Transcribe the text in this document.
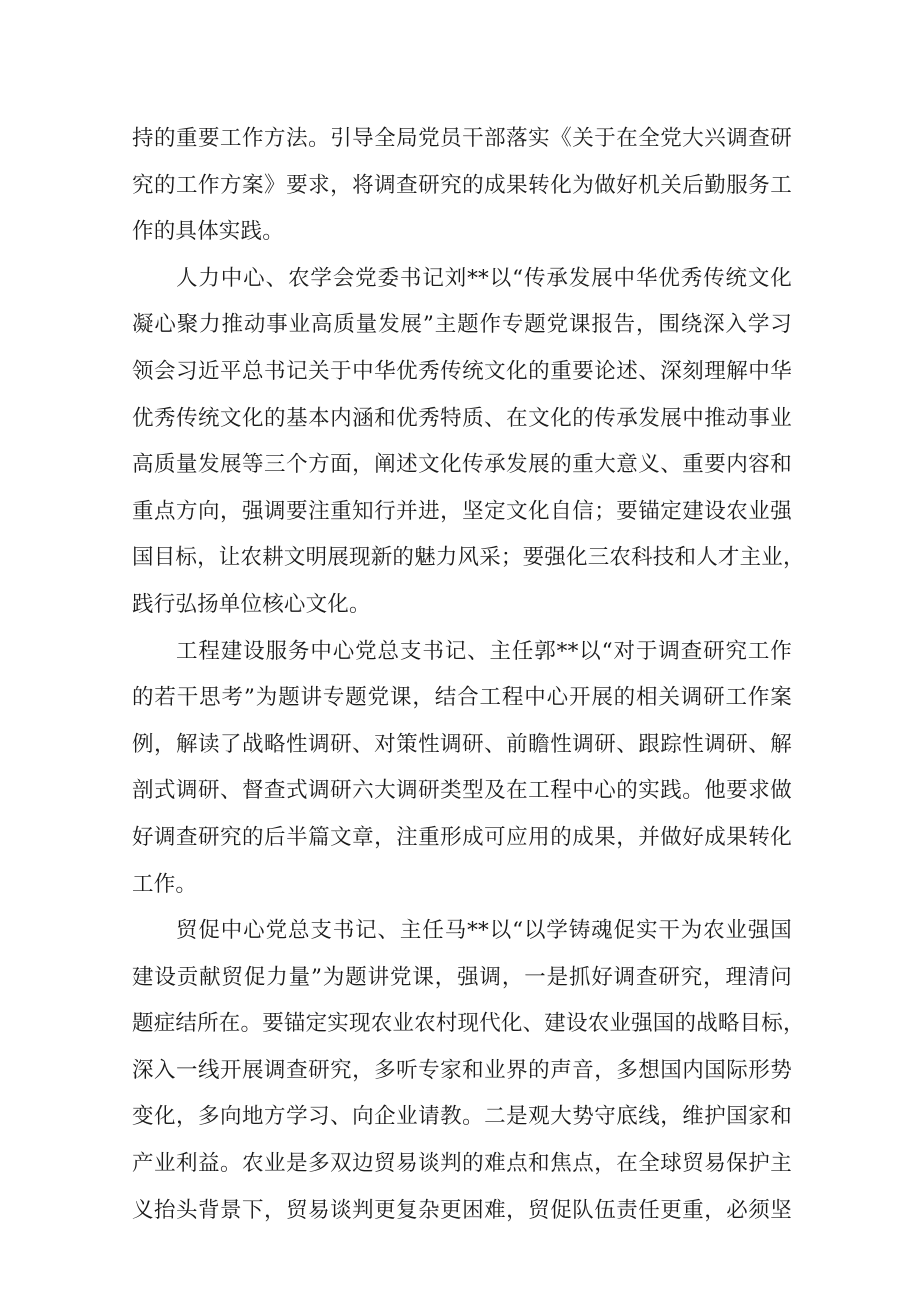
持的重要工作方法。引导全局党员干部落实《关于在全党大兴调查研
究的工作方案》要求，将调查研究的成果转化为做好机关后勤服务工
作的具体实践。
人力中心、农学会党委书记刘**以“传承发展中华优秀传统文化
凝心聚力推动事业高质量发展”主题作专题党课报告，围绕深入学习
领会习近平总书记关于中华优秀传统文化的重要论述、深刻理解中华
优秀传统文化的基本内涵和优秀特质、在文化的传承发展中推动事业
高质量发展等三个方面，阐述文化传承发展的重大意义、重要内容和
重点方向，强调要注重知行并进，坚定文化自信；要锚定建设农业强
国目标，让农耕文明展现新的魅力风采；要强化三农科技和人才主业，
践行弘扬单位核心文化。
工程建设服务中心党总支书记、主任郭**以“对于调查研究工作
的若干思考”为题讲专题党课，结合工程中心开展的相关调研工作案
例，解读了战略性调研、对策性调研、前瞻性调研、跟踪性调研、解
剖式调研、督查式调研六大调研类型及在工程中心的实践。他要求做
好调查研究的后半篇文章，注重形成可应用的成果，并做好成果转化
工作。
贸促中心党总支书记、主任马**以“以学铸魂促实干为农业强国
建设贡献贸促力量”为题讲党课，强调，一是抓好调查研究，理清问
题症结所在。要锚定实现农业农村现代化、建设农业强国的战略目标，
深入一线开展调查研究，多听专家和业界的声音，多想国内国际形势
变化，多向地方学习、向企业请教。二是观大势守底线，维护国家和
产业利益。农业是多双边贸易谈判的难点和焦点，在全球贸易保护主
义抬头背景下，贸易谈判更复杂更困难，贸促队伍责任更重，必须坚
